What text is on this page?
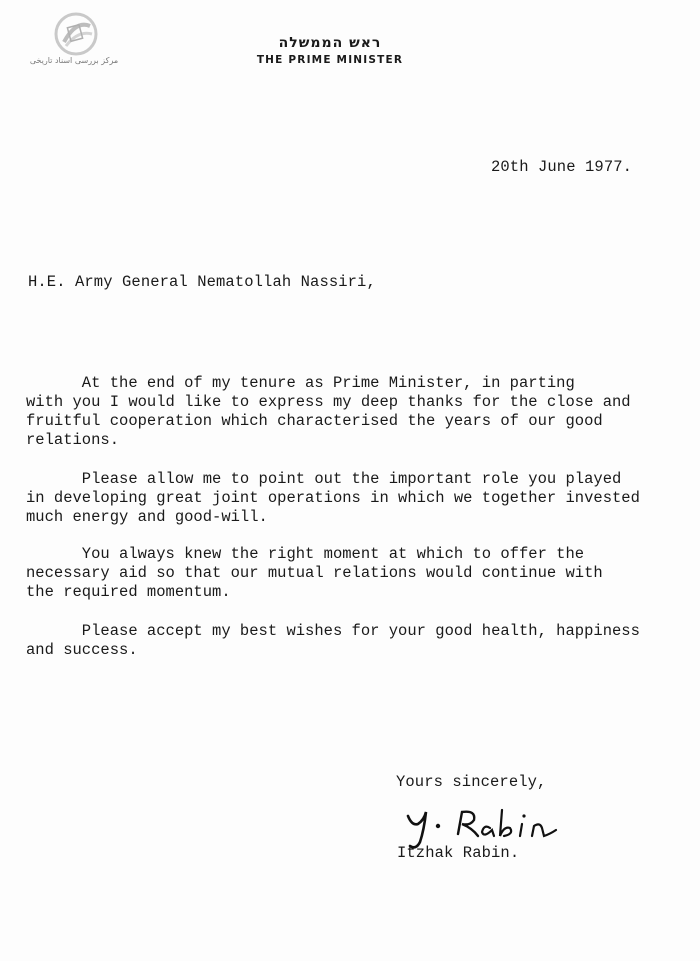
مرکز بررسی اسناد تاریخی
ראש הממשלה
THE PRIME MINISTER
20th June 1977.
H.E. Army General Nematollah Nassiri,
At the end of my tenure as Prime Minister, in parting
with you I would like to express my deep thanks for the close and
fruitful cooperation which characterised the years of our good
relations.
Please allow me to point out the important role you played
in developing great joint operations in which we together invested
much energy and good-will.
You always knew the right moment at which to offer the
necessary aid so that our mutual relations would continue with
the required momentum.
Please accept my best wishes for your good health, happiness
and success.
Yours sincerely,
Itzhak Rabin.
